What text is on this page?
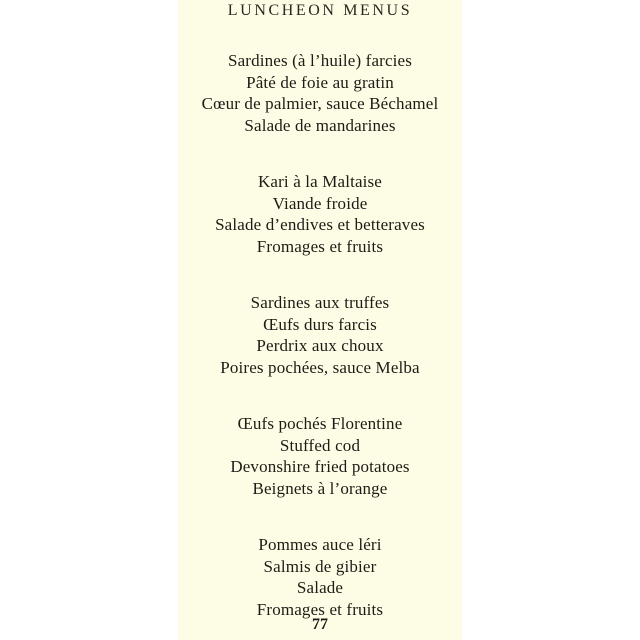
LUNCHEON MENUS
Sardines (à l’huile) farcies
Pâté de foie au gratin
Cœur de palmier, sauce Béchamel
Salade de mandarines
Kari à la Maltaise
Viande froide
Salade d’endives et betteraves
Fromages et fruits
Sardines aux truffes
Œufs durs farcis
Perdrix aux choux
Poires pochées, sauce Melba
Œufs pochés Florentine
Stuffed cod
Devonshire fried potatoes
Beignets à l’orange
Pommes auce léri
Salmis de gibier
Salade
Fromages et fruits
77
